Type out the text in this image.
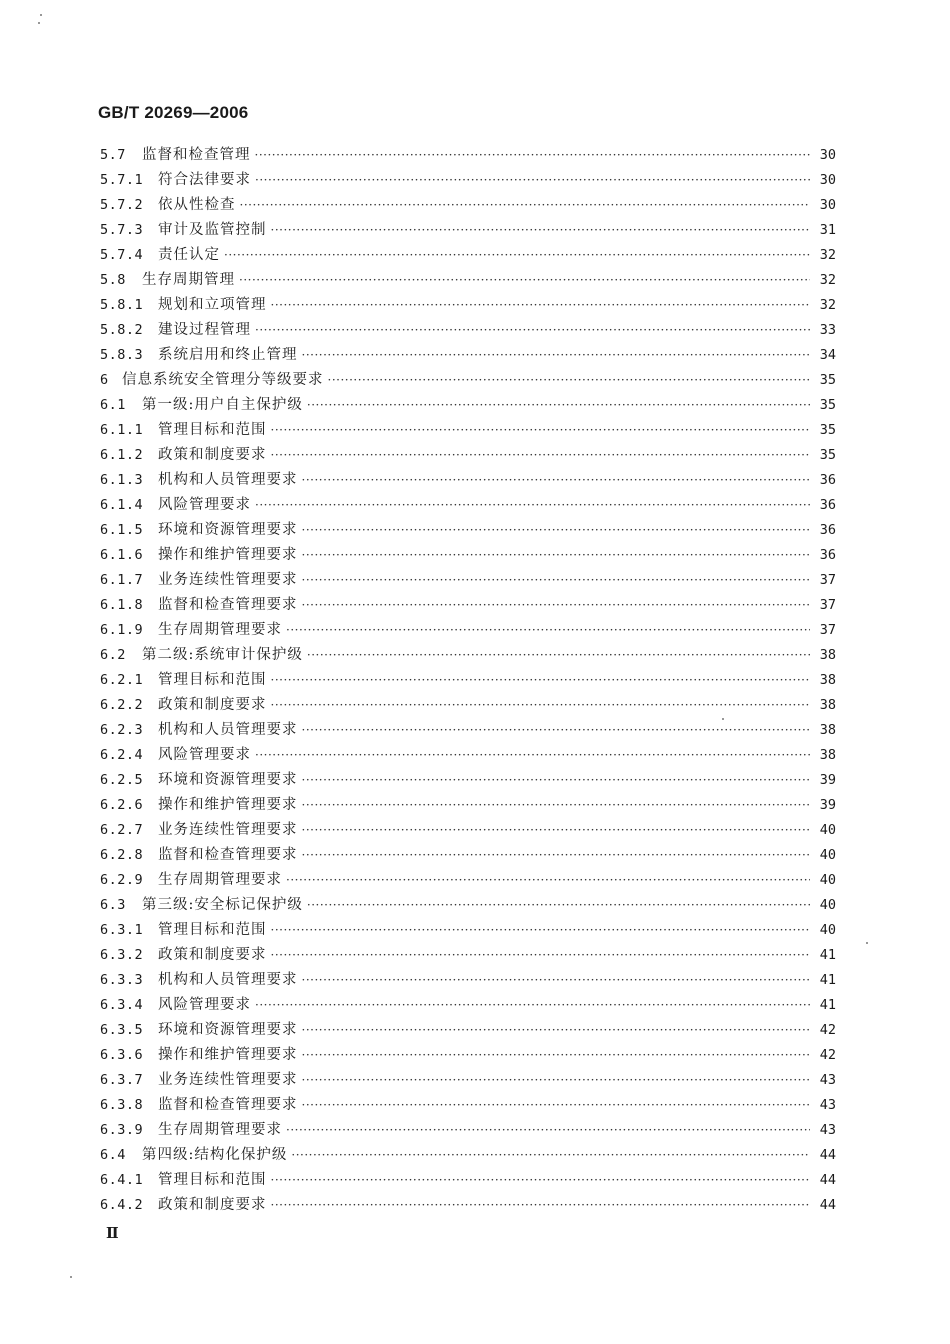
GB/T 20269—2006
5.7	监督和检查管理 ·····	30
5.7.1	符合法律要求 ·····	30
5.7.2	依从性检查 ·····	30
5.7.3	审计及监管控制 ·····	31
5.7.4	责任认定 ·····	32
5.8	生存周期管理 ·····	32
5.8.1	规划和立项管理 ·····	32
5.8.2	建设过程管理 ·····	33
5.8.3	系统启用和终止管理 ·····	34
6 信息系统安全管理分等级要求 ·····	35
6.1	第一级:用户自主保护级 ·····	35
6.1.1	管理目标和范围 ·····	35
6.1.2	政策和制度要求 ·····	35
6.1.3	机构和人员管理要求 ·····	36
6.1.4	风险管理要求 ·····	36
6.1.5	环境和资源管理要求 ·····	36
6.1.6	操作和维护管理要求 ·····	36
6.1.7	业务连续性管理要求 ·····	37
6.1.8	监督和检查管理要求 ·····	37
6.1.9	生存周期管理要求 ·····	37
6.2	第二级:系统审计保护级 ·····	38
6.2.1	管理目标和范围 ·····	38
6.2.2	政策和制度要求 ·····	38
6.2.3	机构和人员管理要求 ·····	38
6.2.4	风险管理要求 ·····	38
6.2.5	环境和资源管理要求 ·····	39
6.2.6	操作和维护管理要求 ·····	39
6.2.7	业务连续性管理要求 ·····	40
6.2.8	监督和检查管理要求 ·····	40
6.2.9	生存周期管理要求 ·····	40
6.3	第三级:安全标记保护级 ·····	40
6.3.1	管理目标和范围 ·····	40
6.3.2	政策和制度要求 ·····	41
6.3.3	机构和人员管理要求 ·····	41
6.3.4	风险管理要求 ·····	41
6.3.5	环境和资源管理要求 ·····	42
6.3.6	操作和维护管理要求 ·····	42
6.3.7	业务连续性管理要求 ·····	43
6.3.8	监督和检查管理要求 ·····	43
6.3.9	生存周期管理要求 ·····	43
6.4	第四级:结构化保护级 ·····	44
6.4.1	管理目标和范围 ·····	44
6.4.2	政策和制度要求 ·····	44
Ⅱ
